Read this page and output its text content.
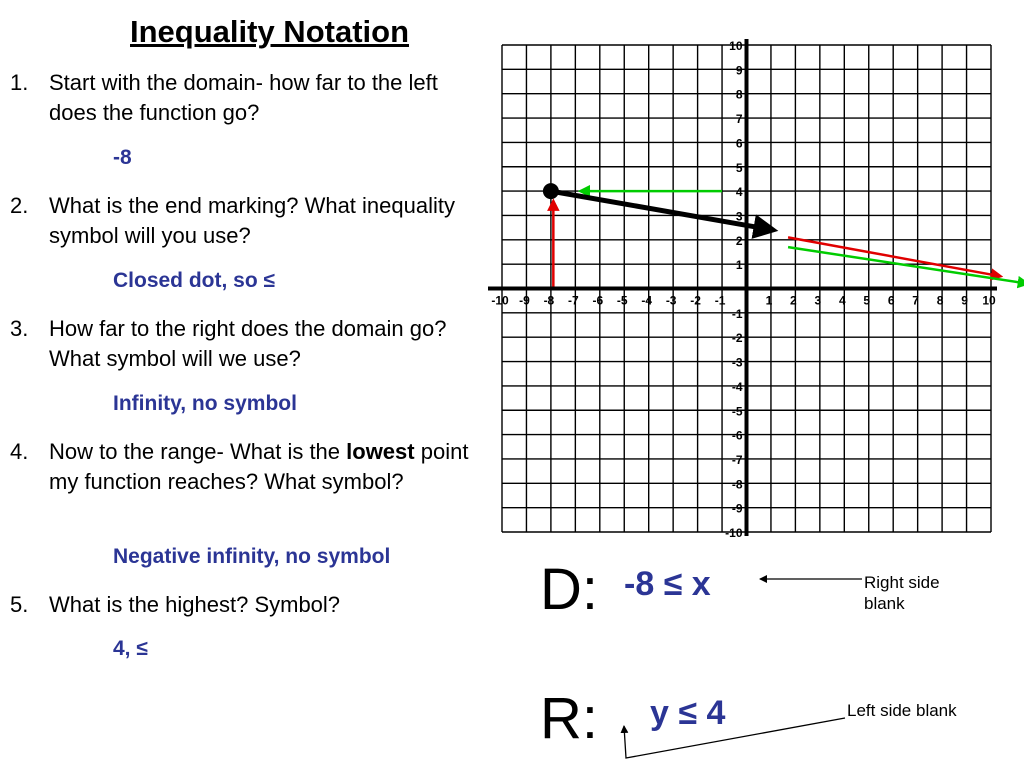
Inequality Notation
1. Start with the domain- how far to the left does the function go?
-8
2. What is the end marking? What inequality symbol will you use?
Closed dot, so ≤
3. How far to the right does the domain go? What symbol will we use?
Infinity, no symbol
4. Now to the range- What is the lowest point my function reaches? What symbol?
Negative infinity, no symbol
5. What is the highest? Symbol?
4, ≤
-10 -9 -8 -7 -6 -5 -4 -3 -2 -1	1 2 3 4 5 6 7 8 9 10
10
9
8
7
6
5
4
3
2
1
-1
-2
-3
-4
-5
-6
-7
-8
-9
-10
D: -8 ≤ x	Right side blank
R: y ≤ 4	Left side blank
